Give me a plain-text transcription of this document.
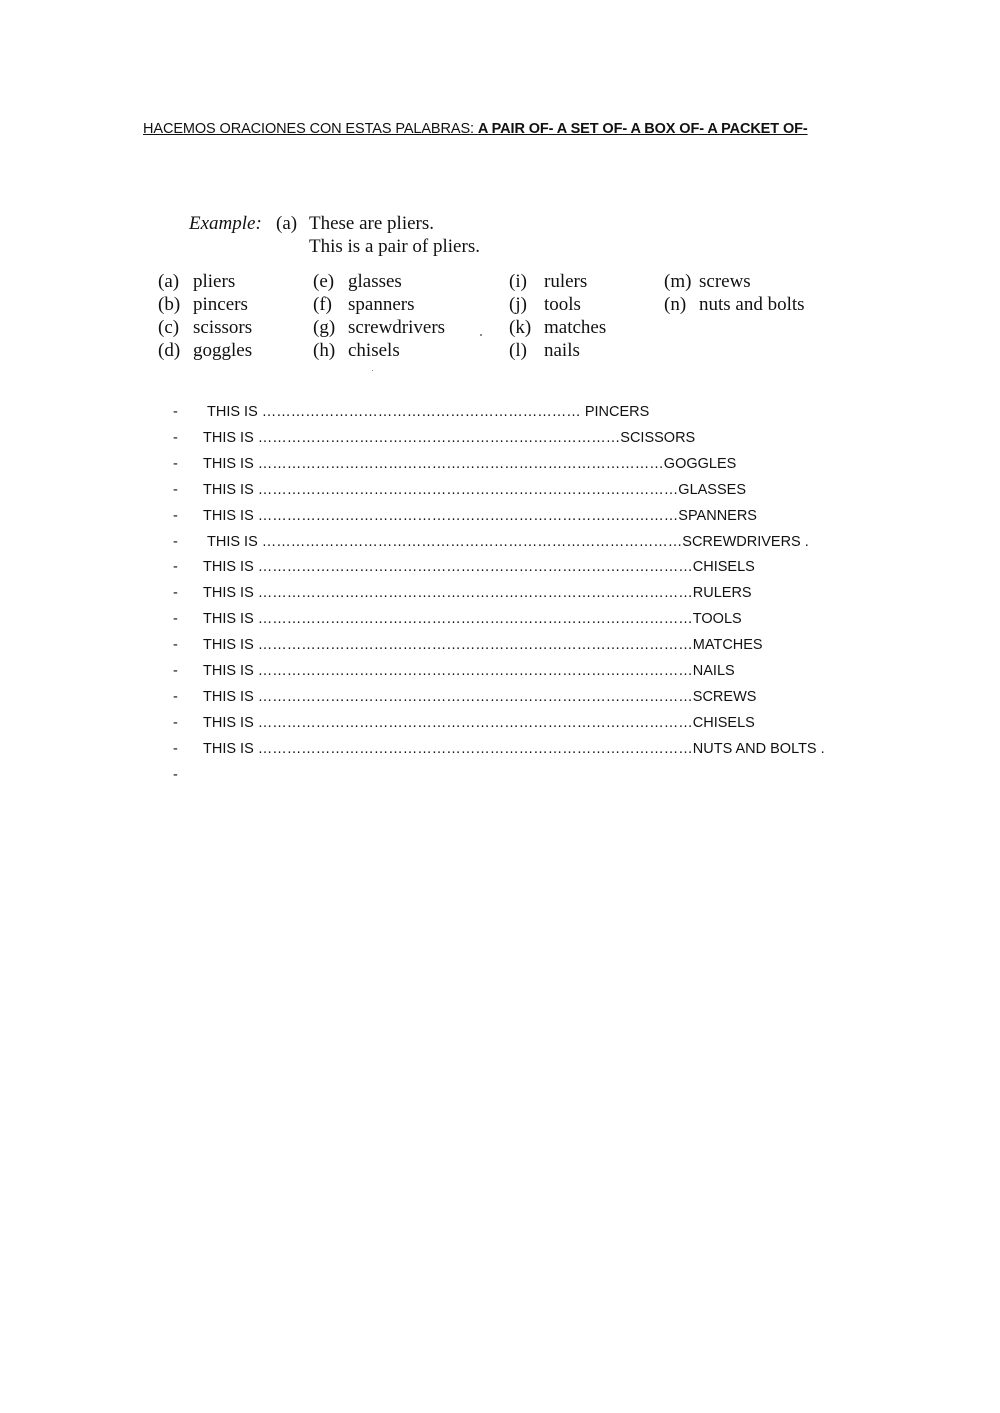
HACEMOS ORACIONES CON ESTAS PALABRAS: A PAIR OF- A SET OF- A BOX OF- A PACKET OF-
Example: (a) These are pliers.
This is a pair of pliers.
(a) pliers
(b) pincers
(c) scissors
(d) goggles
(e) glasses
(f) spanners
(g) screwdrivers
(h) chisels
(i) rulers
(j) tools
(k) matches
(l) nails
(m) screws
(n) nuts and bolts
- THIS IS ………………………………………………………… PINCERS
- THIS IS …………………………………………………………………SCISSORS
- THIS IS …………………………………………………………………………GOGGLES
- THIS IS ……………………………………………………………………………GLASSES
- THIS IS ……………………………………………………………………………SPANNERS
- THIS IS ……………………………………………………………………………SCREWDRIVERS .
- THIS IS ………………………………………………………………………………CHISELS
- THIS IS ………………………………………………………………………………RULERS
- THIS IS ………………………………………………………………………………TOOLS
- THIS IS ………………………………………………………………………………MATCHES
- THIS IS ………………………………………………………………………………NAILS
- THIS IS ………………………………………………………………………………SCREWS
- THIS IS ………………………………………………………………………………CHISELS
- THIS IS ………………………………………………………………………………NUTS AND BOLTS .
-
